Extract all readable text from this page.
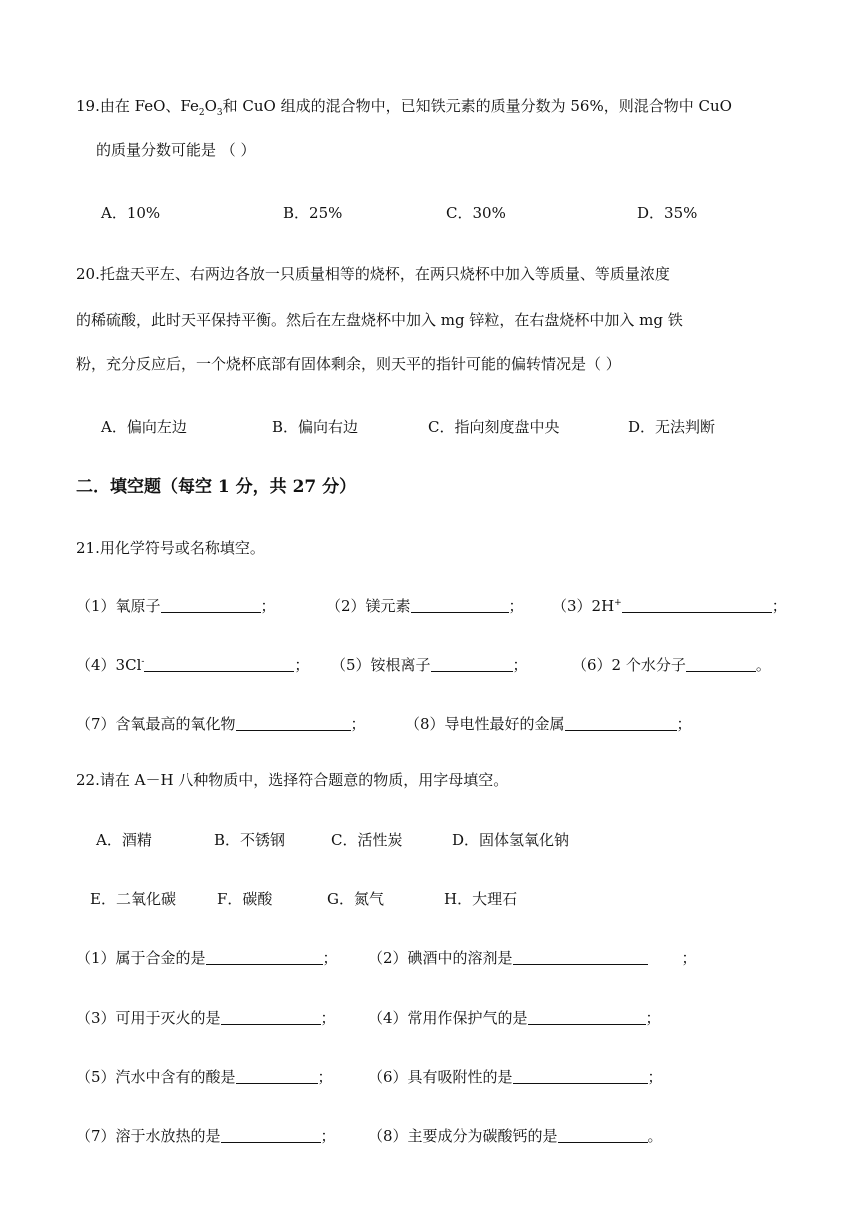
19.由在 FeO、$Fe_2O_3$和 CuO 组成的混合物中，已知铁元素的质量分数为 56%，则混合物中 CuO
的质量分数可能是 （ ）
A．10%	B．25%	C．30%	D．35%
20.托盘天平左、右两边各放一只质量相等的烧杯，在两只烧杯中加入等质量、等质量浓度
的稀硫酸，此时天平保持平衡。然后在左盘烧杯中加入 mg 锌粒，在右盘烧杯中加入 mg 铁
粉，充分反应后，一个烧杯底部有固体剩余，则天平的指针可能的偏转情况是（ ）
A．偏向左边	B．偏向右边	C．指向刻度盘中央	D．无法判断
二．填空题（每空 1 分，共 27 分）
21.用化学符号或名称填空。
（1）氧原子	；	（2）镁元素	； （3）2H+	；
（4）3Cl-	； （5）铵根离子	；	（6）2 个水分子	。
（7）含氧最高的氧化物	；	（8）导电性最好的金属	；
22.请在 A－H 八种物质中，选择符合题意的物质，用字母填空。
A．酒精	B．不锈钢	C．活性炭	D．固体氢氧化钠
E．二氧化碳	F．碳酸	G．氮气	H．大理石
（1）属于合金的是	； （2）碘酒中的溶剂是	；
（3）可用于灭火的是	； （4）常用作保护气的是	；
（5）汽水中含有的酸是	； （6）具有吸附性的是	；
（7）溶于水放热的是	； （8）主要成分为碳酸钙的是	。
